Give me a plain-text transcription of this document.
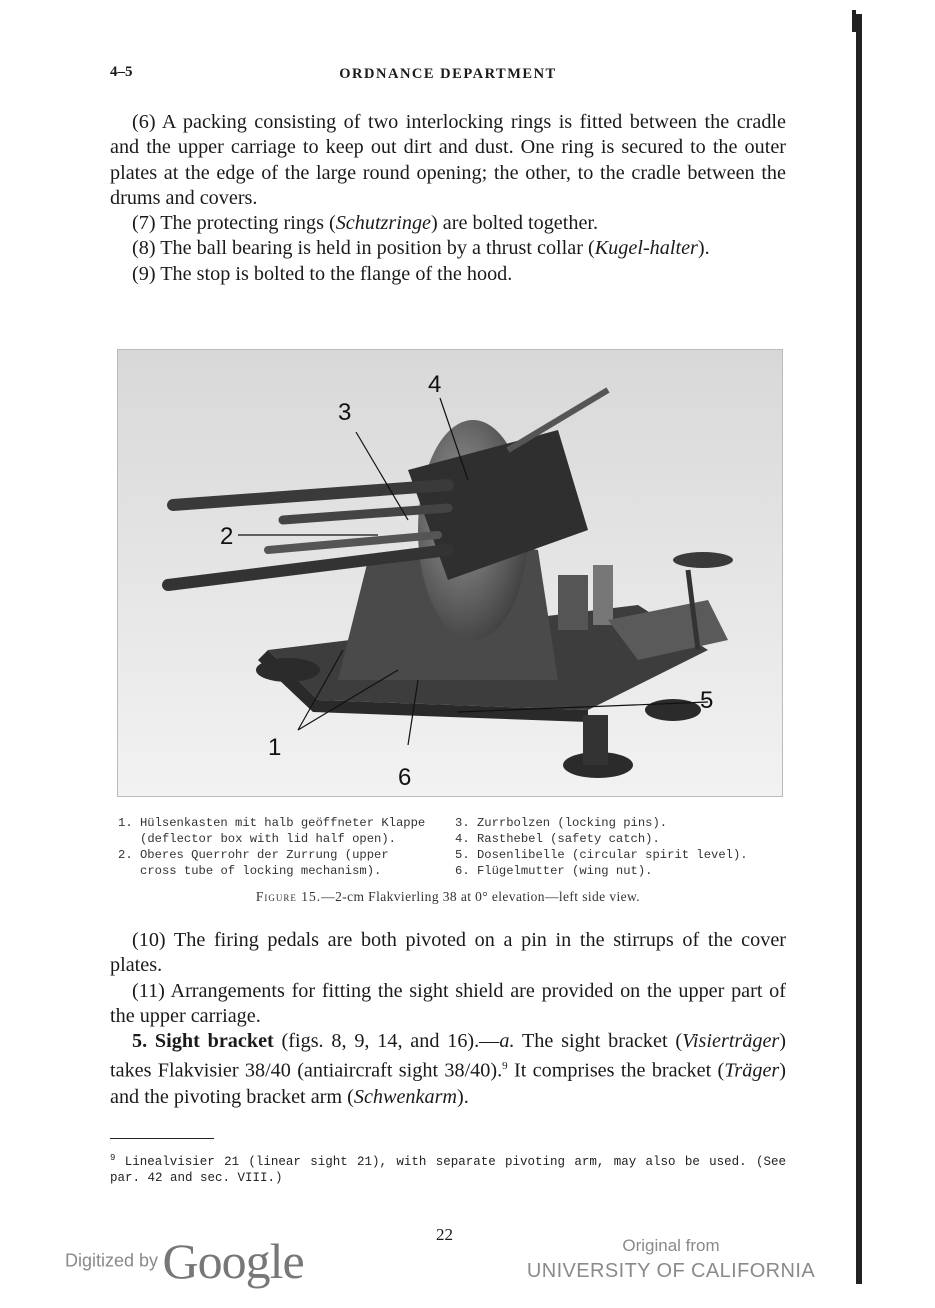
4–5	ORDNANCE DEPARTMENT

(6) A packing consisting of two interlocking rings is fitted between the cradle and the upper carriage to keep out dirt and dust. One ring is secured to the outer plates at the edge of the large round opening; the other, to the cradle between the drums and covers.

(7) The protecting rings (Schutzringe) are bolted together.

(8) The ball bearing is held in position by a thrust collar (Kugel-halter).

(9) The stop is bolted to the flange of the hood.

1
2
3
4
5
6
1. Hülsenkasten mit halb geöffneter Klappe
(deflector box with lid half open).
2. Oberes Querrohr der Zurrung (upper
cross tube of locking mechanism).
3. Zurrbolzen (locking pins).
4. Rasthebel (safety catch).
5. Dosenlibelle (circular spirit level).
6. Flügelmutter (wing nut).
Figure 15.—2-cm Flakvierling 38 at 0° elevation—left side view.

(10) The firing pedals are both pivoted on a pin in the stirrups of the cover plates.

(11) Arrangements for fitting the sight shield are provided on the upper part of the upper carriage.

5. Sight bracket (figs. 8, 9, 14, and 16).—a. The sight bracket (Visierträger) takes Flakvisier 38/40 (antiaircraft sight 38/40).$^9$ It comprises the bracket (Träger) and the pivoting bracket arm (Schwenkarm).

$^9$ Linealvisier 21 (linear sight 21), with separate pivoting arm, may also be used. (See par. 42 and sec. VIII.)
22
Digitized by Google	Original from
UNIVERSITY OF CALIFORNIA
